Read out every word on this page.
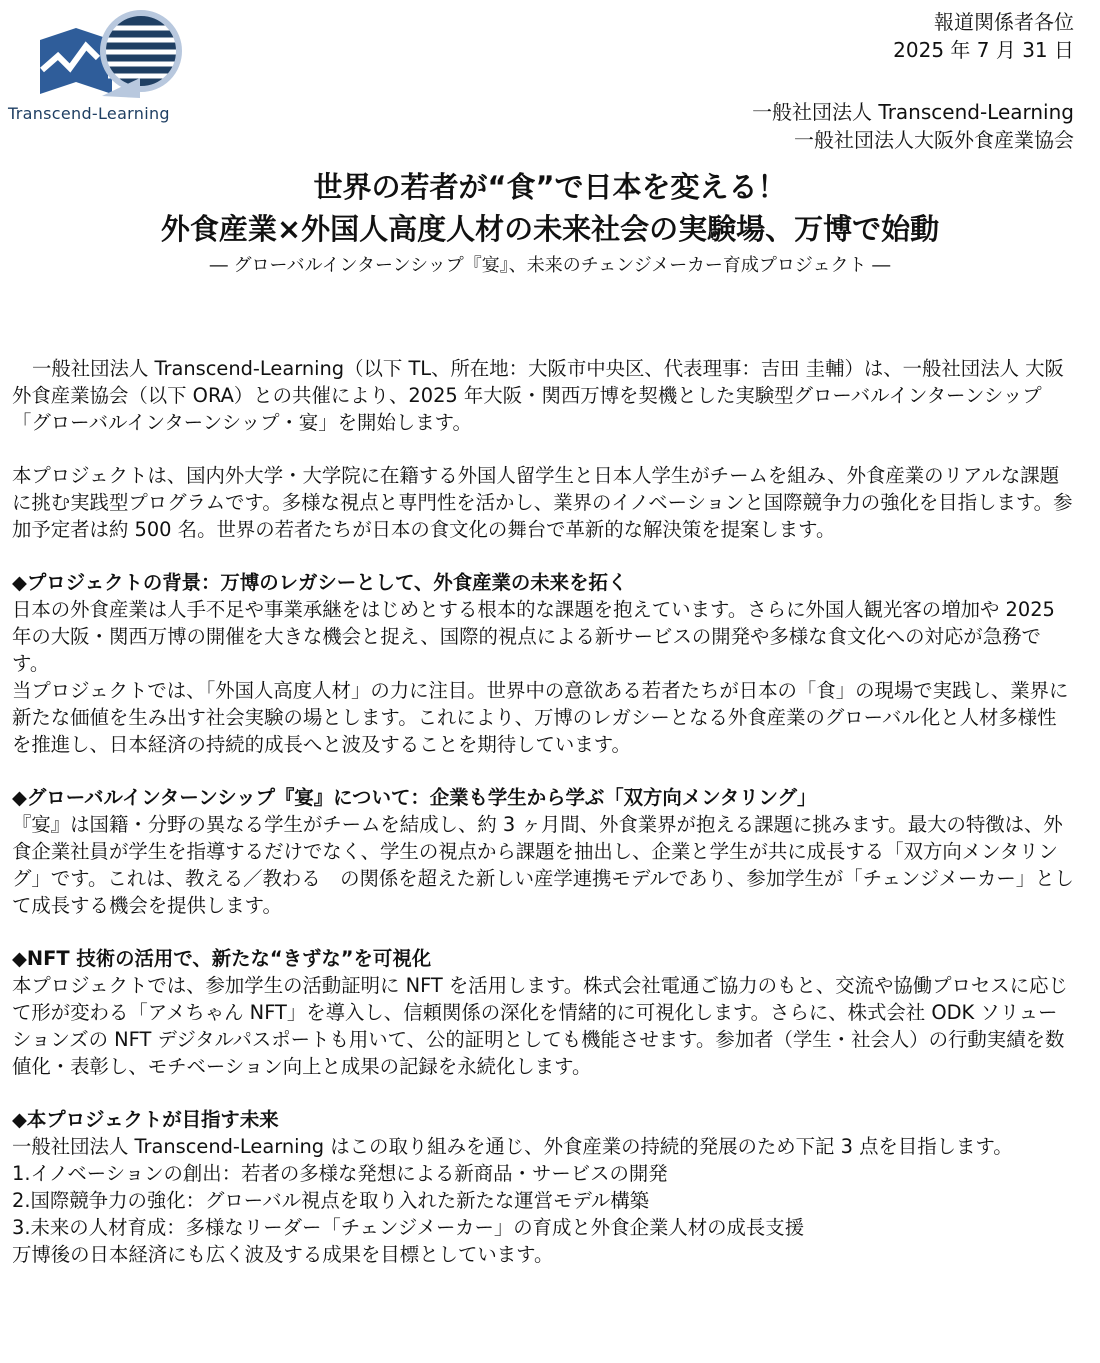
Transcend-Learning
報道関係者各位
2025 年 7 月 31 日
一般社団法人 Transcend-Learning
一般社団法人大阪外食産業協会
世界の若者が“食”で日本を変える！
外食産業×外国人高度人材の未来社会の実験場、万博で始動
― グローバルインターンシップ『宴』、未来のチェンジメーカー育成プロジェクト ―

一般社団法人 Transcend-Learning（以下 TL、所在地：大阪市中央区、代表理事：吉田 圭輔）は、一般社団法人 大阪外食産業協会（以下 ORA）との共催により、2025 年大阪・関西万博を契機とした実験型グローバルインターンシップ「グローバルインターンシップ・宴」を開始します。

本プロジェクトは、国内外大学・大学院に在籍する外国人留学生と日本人学生がチームを組み、外食産業のリアルな課題に挑む実践型プログラムです。多様な視点と専門性を活かし、業界のイノベーションと国際競争力の強化を目指します。参加予定者は約 500 名。世界の若者たちが日本の食文化の舞台で革新的な解決策を提案します。

◆プロジェクトの背景：万博のレガシーとして、外食産業の未来を拓く

日本の外食産業は人手不足や事業承継をはじめとする根本的な課題を抱えています。さらに外国人観光客の増加や 2025 年の大阪・関西万博の開催を大きな機会と捉え、国際的視点による新サービスの開発や多様な食文化への対応が急務です。

当プロジェクトでは、「外国人高度人材」の力に注目。世界中の意欲ある若者たちが日本の「食」の現場で実践し、業界に新たな価値を生み出す社会実験の場とします。これにより、万博のレガシーとなる外食産業のグローバル化と人材多様性を推進し、日本経済の持続的成長へと波及することを期待しています。

◆グローバルインターンシップ『宴』について：企業も学生から学ぶ「双方向メンタリング」

『宴』は国籍・分野の異なる学生がチームを結成し、約 3 ヶ月間、外食業界が抱える課題に挑みます。最大の特徴は、外食企業社員が学生を指導するだけでなく、学生の視点から課題を抽出し、企業と学生が共に成長する「双方向メンタリング」です。これは、教える／教わる　の関係を超えた新しい産学連携モデルであり、参加学生が「チェンジメーカー」として成長する機会を提供します。

◆NFT 技術の活用で、新たな“きずな”を可視化

本プロジェクトでは、参加学生の活動証明に NFT を活用します。株式会社電通ご協力のもと、交流や協働プロセスに応じて形が変わる「アメちゃん NFT」を導入し、信頼関係の深化を情緒的に可視化します。さらに、株式会社 ODK ソリューションズの NFT デジタルパスポートも用いて、公的証明としても機能させます。参加者（学生・社会人）の行動実績を数値化・表彰し、モチベーション向上と成果の記録を永続化します。

◆本プロジェクトが目指す未来

一般社団法人 Transcend-Learning はこの取り組みを通じ、外食産業の持続的発展のため下記 3 点を目指します。

1.イノベーションの創出：若者の多様な発想による新商品・サービスの開発

2.国際競争力の強化：グローバル視点を取り入れた新たな運営モデル構築

3.未来の人材育成：多様なリーダー「チェンジメーカー」の育成と外食企業人材の成長支援

万博後の日本経済にも広く波及する成果を目標としています。
